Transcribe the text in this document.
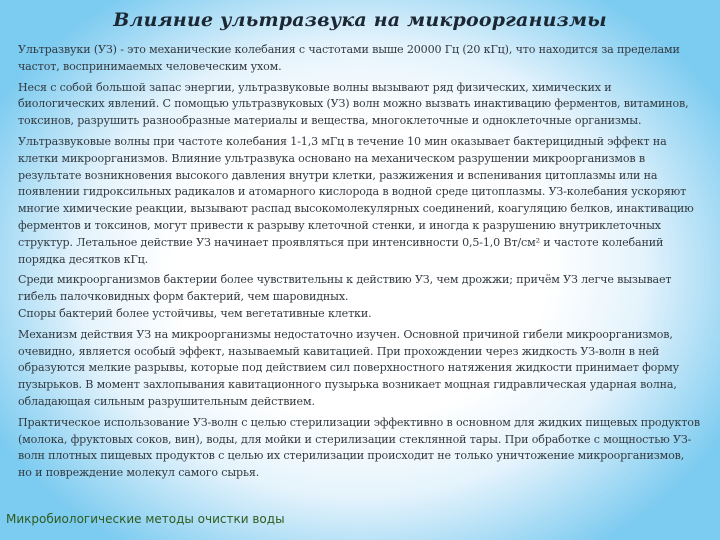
Влияние ультразвука на микроорганизмы

Ультразвуки (УЗ) - это механические колебания с частотами выше 20000 Гц (20 кГц), что находится за пределами частот, воспринимаемых человеческим ухом.

Неся с собой большой запас энергии, ультразвуковые волны вызывают ряд физических, химических и биологических явлений. С помощью ультразвуковых (УЗ) волн можно вызвать инактивацию ферментов, витаминов, токсинов, разрушить разнообразные материалы и вещества, многоклеточные и одноклеточные организмы.

Ультразвуковые волны при частоте колебания 1-1,3 мГц в течение 10 мин оказывает бактерицидный эффект на клетки микроорганизмов. Влияние ультразвука основано на механическом разрушении микроорганизмов в результате возникновения высокого давления внутри клетки, разжижения и вспенивания цитоплазмы или на появлении гидроксильных радикалов и атомарного кислорода в водной среде цитоплазмы. УЗ-колебания ускоряют многие химические реакции, вызывают распад высокомолекулярных соединений, коагуляцию белков, инактивацию ферментов и токсинов, могут привести к разрыву клеточной стенки, и иногда к разрушению внутриклеточных структур. Летальное действие УЗ начинает проявляться при интенсивности 0,5-1,0 Вт/см² и частоте колебаний порядка десятков кГц.

Среди микроорганизмов бактерии более чувствительны к действию УЗ, чем дрожжи; причём УЗ легче вызывает гибель палочковидных форм бактерий, чем шаровидных.

Споры бактерий более устойчивы, чем вегетативные клетки.

Механизм действия УЗ на микроорганизмы недостаточно изучен. Основной причиной гибели микроорганизмов, очевидно, является особый эффект, называемый кавитацией. При прохождении через жидкость УЗ-волн в ней образуются мелкие разрывы, которые под действием сил поверхностного натяжения жидкости принимает форму пузырьков. В момент захлопывания кавитационного пузырька возникает мощная гидравлическая ударная волна, обладающая сильным разрушительным действием.

Практическое использование УЗ-волн с целью стерилизации эффективно в основном для жидких пищевых продуктов (молока, фруктовых соков, вин), воды, для мойки и стерилизации стеклянной тары. При обработке с мощностью УЗ-волн плотных пищевых продуктов с целью их стерилизации происходит не только уничтожение микроорганизмов, но и повреждение молекул самого сырья.

Микробиологические методы очистки воды
